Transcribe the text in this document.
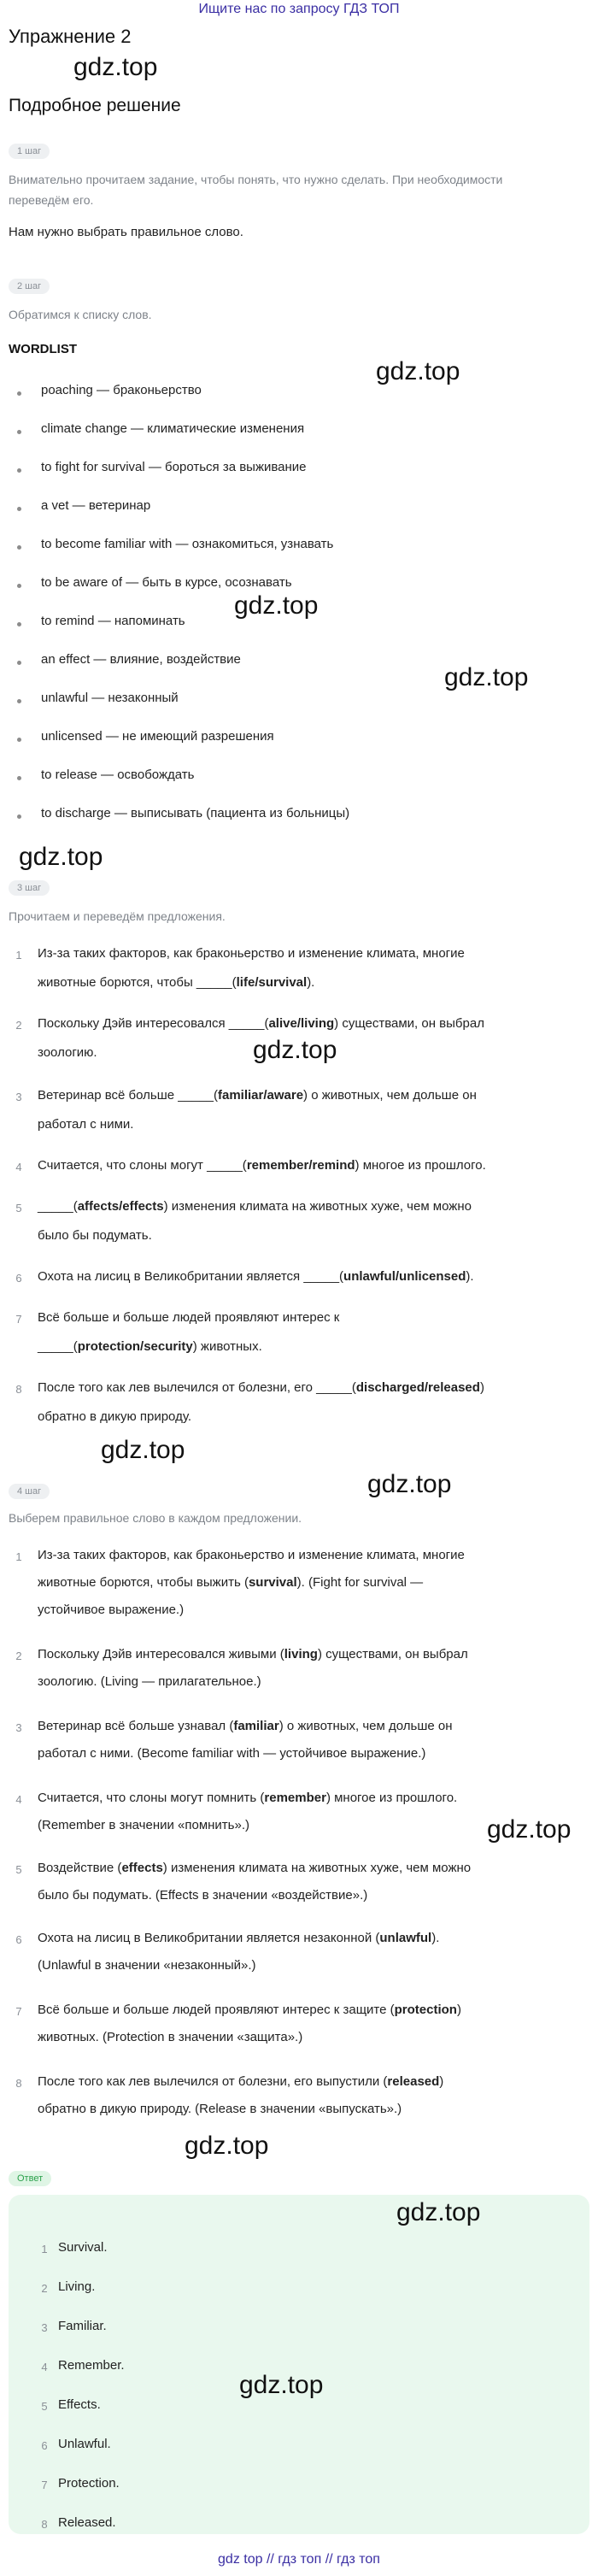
Ищите нас по запросу ГДЗ ТОП
Упражнение 2
gdz.top
Подробное решение
1 шаг
Внимательно прочитаем задание, чтобы понять, что нужно сделать. При необходимости
переведём его.
Нам нужно выбрать правильное слово.
2 шаг
Обратимся к списку слов.
WORDLIST
gdz.top
poaching — браконьерство
climate change — климатические изменения
to fight for survival — бороться за выживание
a vet — ветеринар
to become familiar with — ознакомиться, узнавать
to be aware of — быть в курсе, осознавать
to remind — напоминать
an effect — влияние, воздействие
unlawful — незаконный
unlicensed — не имеющий разрешения
to release — освобождать
to discharge — выписывать (пациента из больницы)
gdz.top
gdz.top
gdz.top
3 шаг
Прочитаем и переведём предложения.
1 Из-за таких факторов, как браконьерство и изменение климата, многие
животные борются, чтобы _____(life/survival).
2 Поскольку Дэйв интересовался _____(alive/living) существами, он выбрал
зоологию.	gdz.top
3 Ветеринар всё больше _____(familiar/aware) о животных, чем дольше он
работал с ними.
4 Считается, что слоны могут _____(remember/remind) многое из прошлого.
5 _____(affects/effects) изменения климата на животных хуже, чем можно
было бы подумать.
6 Охота на лисиц в Великобритании является _____(unlawful/unlicensed).
7 Всё больше и больше людей проявляют интерес к
_____(protection/security) животных.
8 После того как лев вылечился от болезни, его _____(discharged/released)
обратно в дикую природу.
gdz.top
gdz.top
4 шаг
Выберем правильное слово в каждом предложении.
1 Из-за таких факторов, как браконьерство и изменение климата, многие
животные борются, чтобы выжить (survival). (Fight for survival —
устойчивое выражение.)
2 Поскольку Дэйв интересовался живыми (living) существами, он выбрал
зоологию. (Living — прилагательное.)
3 Ветеринар всё больше узнавал (familiar) о животных, чем дольше он
работал с ними. (Become familiar with — устойчивое выражение.)
4 Считается, что слоны могут помнить (remember) многое из прошлого.
(Remember в значении «помнить».)	gdz.top
5 Воздействие (effects) изменения климата на животных хуже, чем можно
было бы подумать. (Effects в значении «воздействие».)
6 Охота на лисиц в Великобритании является незаконной (unlawful).
(Unlawful в значении «незаконный».)
7 Всё больше и больше людей проявляют интерес к защите (protection)
животных. (Protection в значении «защита».)
8 После того как лев вылечился от болезни, его выпустили (released)
обратно в дикую природу. (Release в значении «выпускать».)
gdz.top
Ответ
gdz.top
1 Survival.
2 Living.
3 Familiar.
4 Remember.
gdz.top
5 Effects.
6 Unlawful.
7 Protection.
8 Released.
gdz top // гдз топ // гдз топ
